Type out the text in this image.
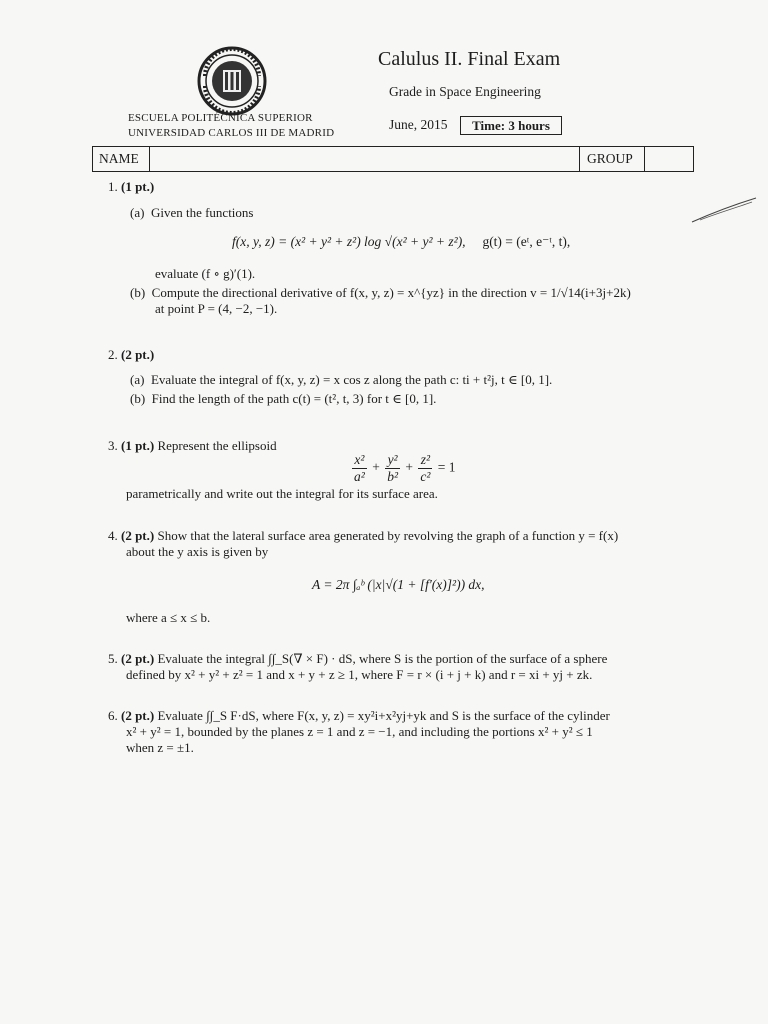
ESCUELA POLITÉCNICA SUPERIOR
UNIVERSIDAD CARLOS III DE MADRID
Calulus II. Final Exam
Grade in Space Engineering
June, 2015	Time: 3 hours
NAME	GROUP
1. (1 pt.)
(a) Given the functions
f(x, y, z) = (x² + y² + z²) log √(x² + y² + z²), g(t) = (eᵗ, e⁻ᵗ, t),
evaluate (f ∘ g)′(1).
(b) Compute the directional derivative of f(x, y, z) = x^{yz} in the direction v = 1/√14(i+3j+2k)
at point P = (4, −2, −1).
2. (2 pt.)
(a) Evaluate the integral of f(x, y, z) = x cos z along the path c: ti + t²j, t ∈ [0, 1].
(b) Find the length of the path c(t) = (t², t, 3) for t ∈ [0, 1].
3. (1 pt.) Represent the ellipsoid
$\frac{\text{x²}}{\text{a²}} + \frac{\text{y²}}{\text{b²}} + \frac{\text{z²}}{\text{c²}} = 1$
parametrically and write out the integral for its surface area.
4. (2 pt.) Show that the lateral surface area generated by revolving the graph of a function y = f(x)
about the y axis is given by
A = 2π ∫ₐᵇ (|x|√(1 + [f′(x)]²)) dx,
where a ≤ x ≤ b.
5. (2 pt.) Evaluate the integral ∫∫_S(∇ × F) · dS, where S is the portion of the surface of a sphere
defined by x² + y² + z² = 1 and x + y + z ≥ 1, where F = r × (i + j + k) and r = xi + yj + zk.
6. (2 pt.) Evaluate ∫∫_S F·dS, where F(x, y, z) = xy²i+x²yj+yk and S is the surface of the cylinder
x² + y² = 1, bounded by the planes z = 1 and z = −1, and including the portions x² + y² ≤ 1
when z = ±1.
